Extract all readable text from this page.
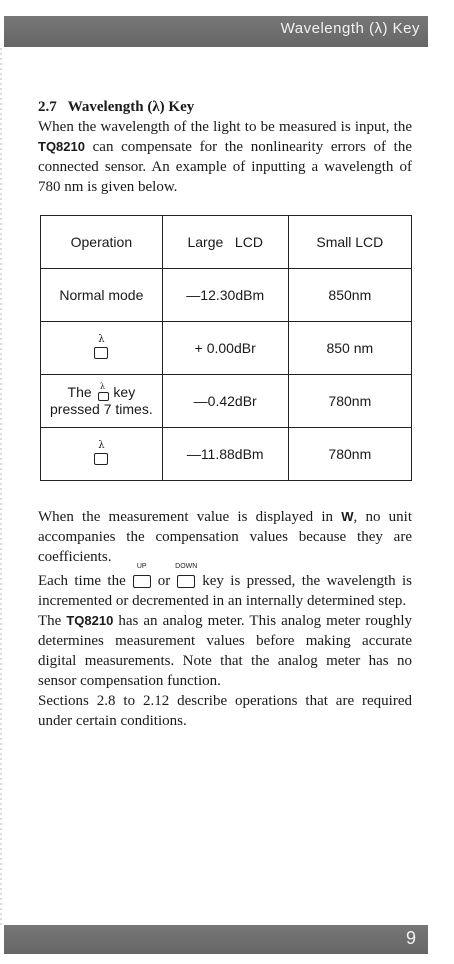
Wavelength (λ) Key
2.7   Wavelength (λ) Key

When the wavelength of the light to be measured is input, the TQ8210 can compensate for the nonlinearity errors of the connected sensor. An example of inputting a wavelength of 780 nm is given below.

Operation	Large   LCD	Small LCD
Normal mode	—12.30dBm	850nm

λ	+ 0.00dBr	850 nm
The λ key pressed 7 times.	—0.42dBr	780nm

λ	—11.88dBm	780nm

When the measurement value is displayed in W, no unit accompanies the compensation values because they are coefficients.

Each time the
UP
or
DOWN
key is pressed, the wavelength is incremented or decremented in an internally determined step.

The TQ8210 has an analog meter. This analog meter roughly determines measurement values before making accurate digital measurements. Note that the analog meter has no sensor compensation function.

Sections 2.8 to 2.12 describe operations that are required under certain conditions.

9
